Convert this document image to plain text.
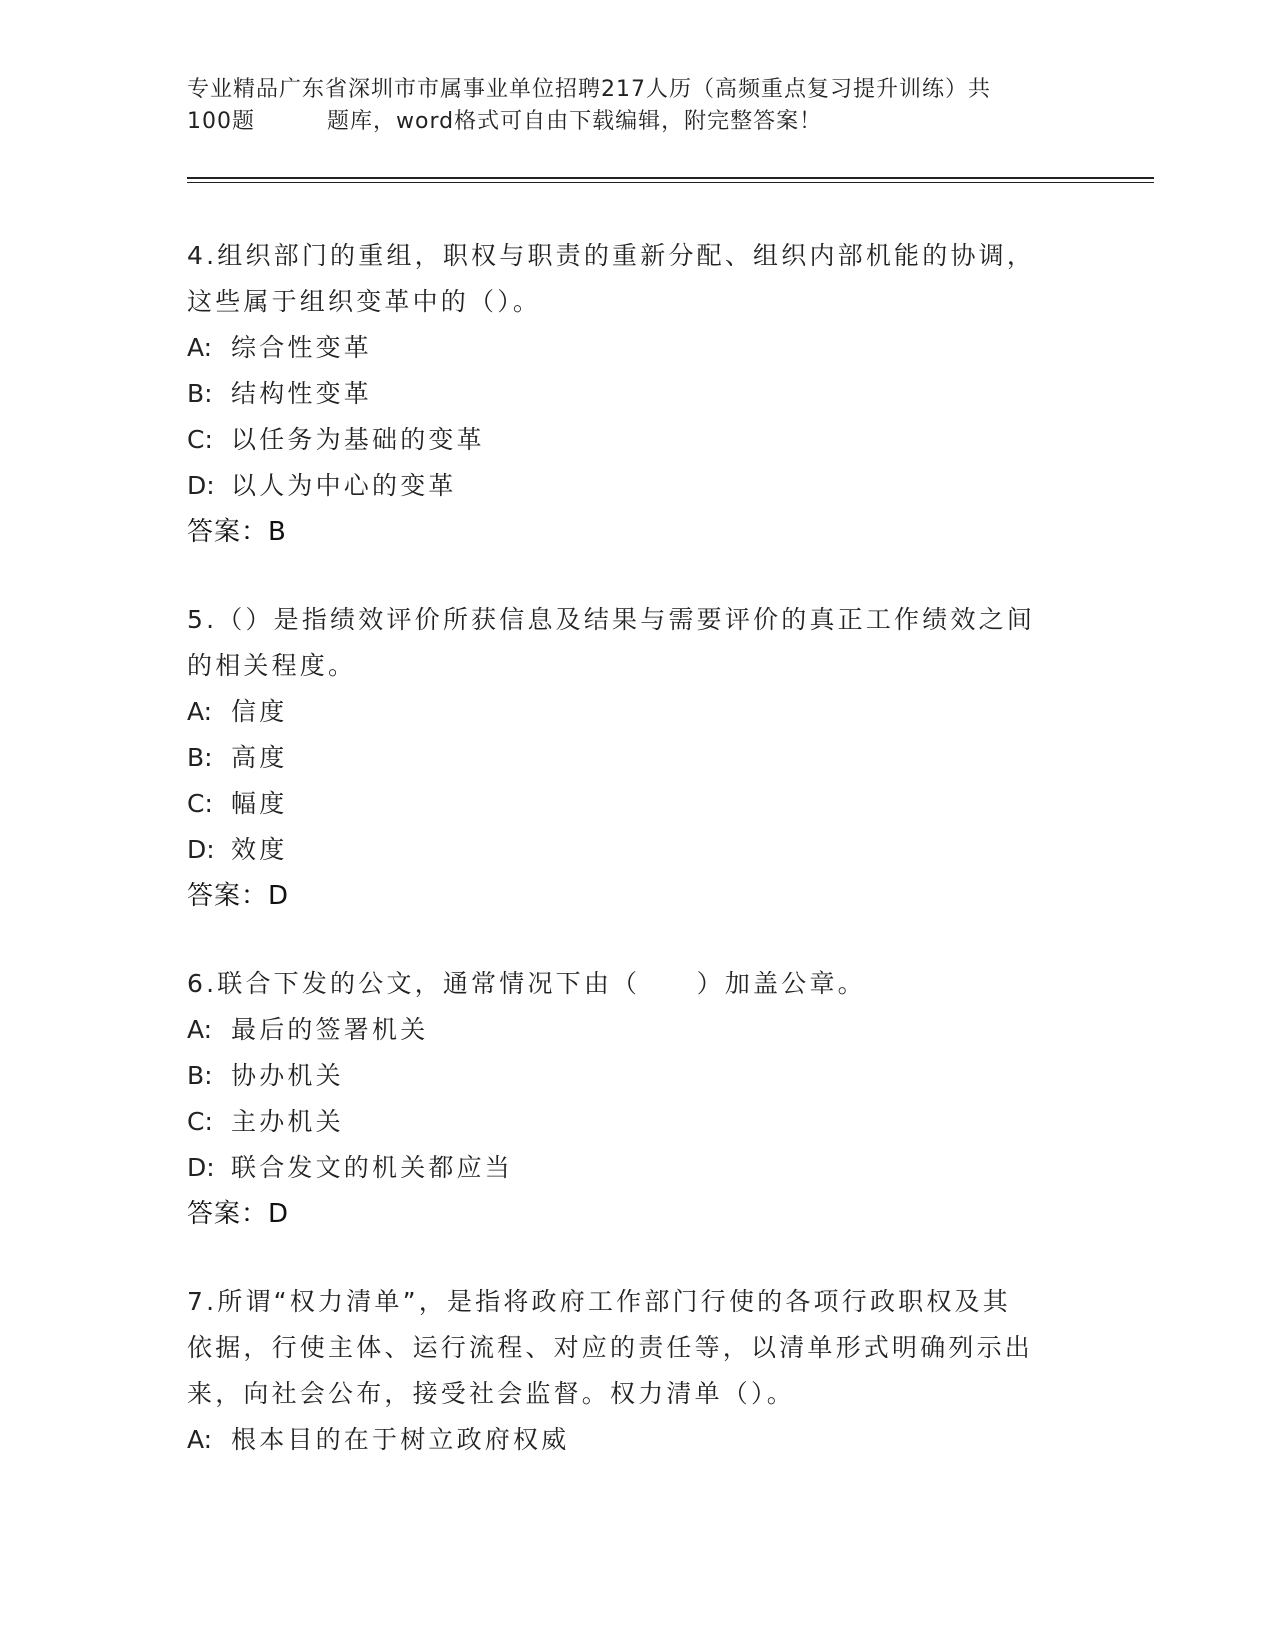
专业精品广东省深圳市市属事业单位招聘217人历（高频重点复习提升训练）共
100题	题库，word格式可自由下载编辑，附完整答案！
4.组织部门的重组，职权与职责的重新分配、组织内部机能的协调，
这些属于组织变革中的（）。
A: 综合性变革
B: 结构性变革
C: 以任务为基础的变革
D: 以人为中心的变革
答案：B
5.（）是指绩效评价所获信息及结果与需要评价的真正工作绩效之间
的相关程度。
A: 信度
B: 高度
C: 幅度
D: 效度
答案：D
6.联合下发的公文，通常情况下由（　　）加盖公章。
A: 最后的签署机关
B: 协办机关
C: 主办机关
D: 联合发文的机关都应当
答案：D
7.所谓“权力清单”，是指将政府工作部门行使的各项行政职权及其
依据，行使主体、运行流程、对应的责任等，以清单形式明确列示出
来，向社会公布，接受社会监督。权力清单（）。
A: 根本目的在于树立政府权威
